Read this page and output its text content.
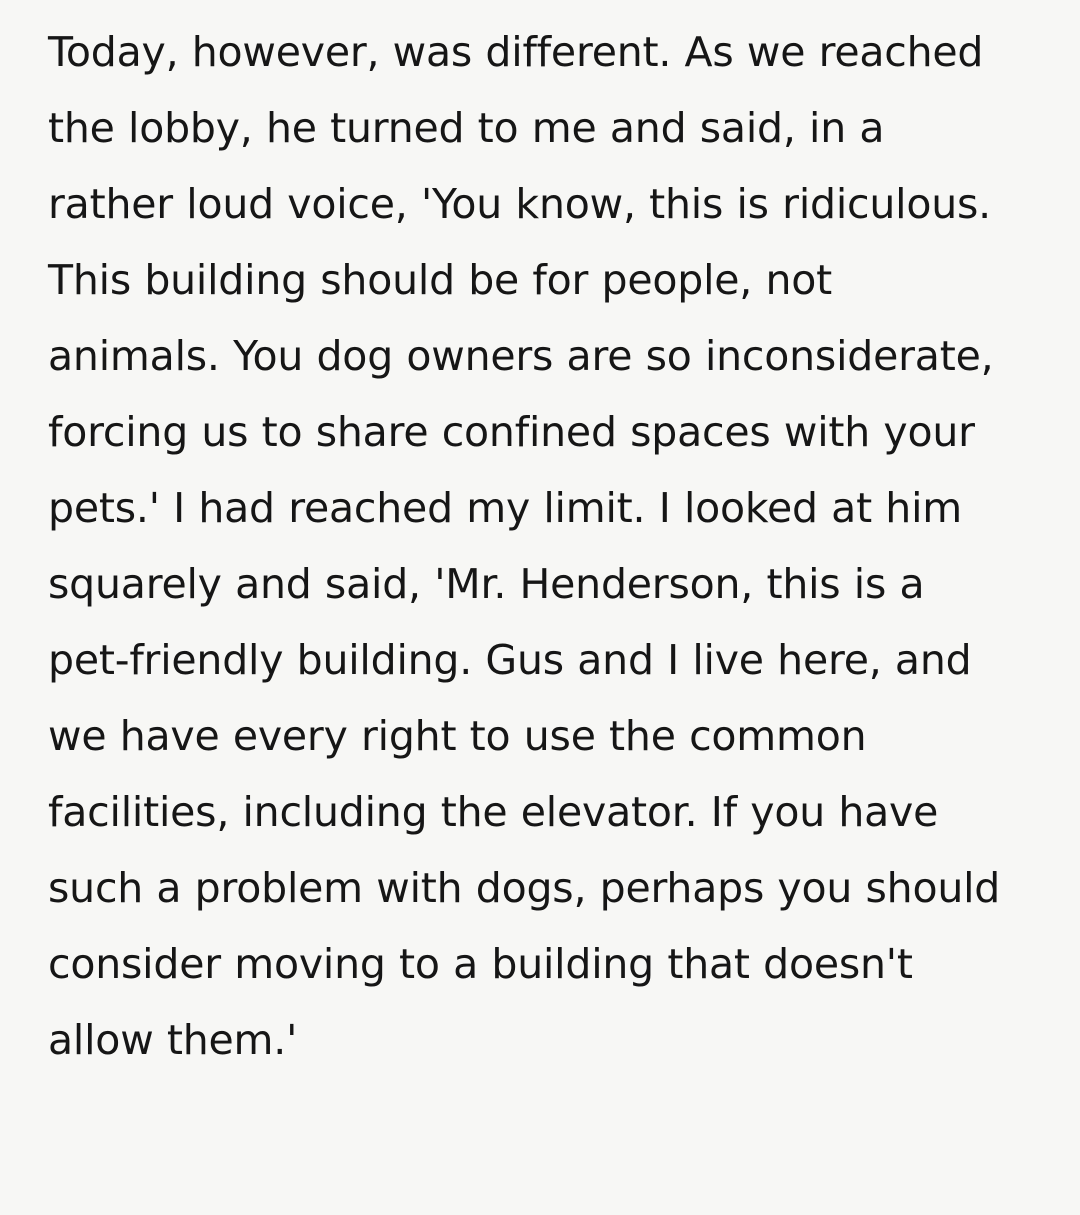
Today, however, was different. As we reached the lobby, he turned to me and said, in a rather loud voice, 'You know, this is ridiculous. This building should be for people, not animals. You dog owners are so inconsiderate, forcing us to share confined spaces with your pets.' I had reached my limit. I looked at him squarely and said, 'Mr. Henderson, this is a pet-friendly building. Gus and I live here, and we have every right to use the common facilities, including the elevator. If you have such a problem with dogs, perhaps you should consider moving to a building that doesn't allow them.'
